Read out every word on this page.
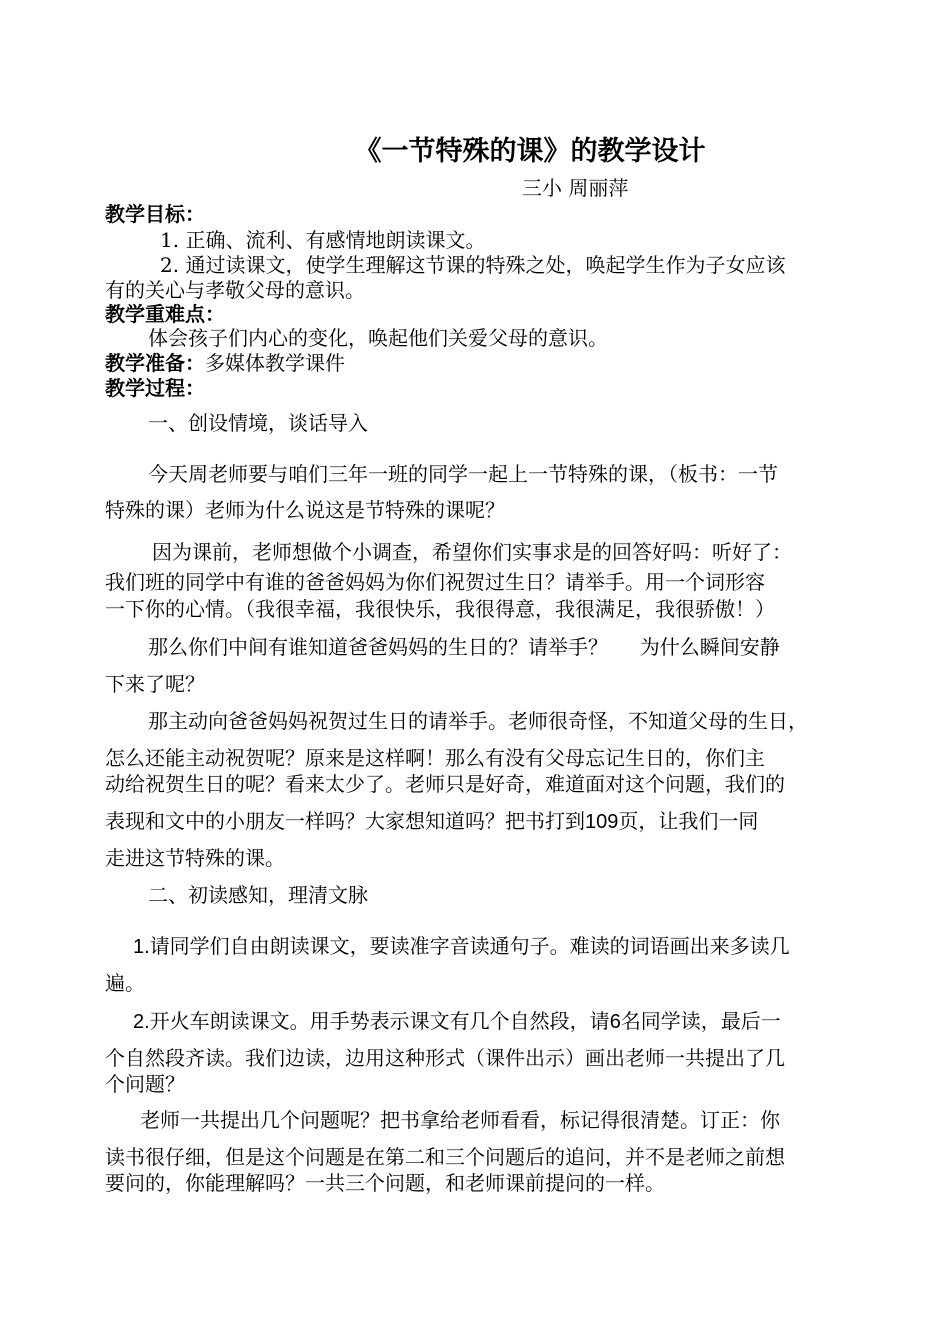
《一节特殊的课》的教学设计
三小 周丽萍
教学目标：
1. 正确、流利、有感情地朗读课文。
2. 通过读课文，使学生理解这节课的特殊之处，唤起学生作为子女应该
有的关心与孝敬父母的意识。
教学重难点：
体会孩子们内心的变化，唤起他们关爱父母的意识。
教学准备：多媒体教学课件
教学过程：
一、创设情境，谈话导入
今天周老师要与咱们三年一班的同学一起上一节特殊的课，（板书：一节
特殊的课）老师为什么说这是节特殊的课呢？
因为课前，老师想做个小调查，希望你们实事求是的回答好吗：听好了：
我们班的同学中有谁的爸爸妈妈为你们祝贺过生日？请举手。用一个词形容
一下你的心情。（我很幸福，我很快乐，我很得意，我很满足，我很骄傲！）
那么你们中间有谁知道爸爸妈妈的生日的？请举手？     为什么瞬间安静
下来了呢？
那主动向爸爸妈妈祝贺过生日的请举手。老师很奇怪，不知道父母的生日，
怎么还能主动祝贺呢？原来是这样啊！那么有没有父母忘记生日的，你们主
动给祝贺生日的呢？看来太少了。老师只是好奇，难道面对这个问题，我们的
表现和文中的小朋友一样吗？大家想知道吗？把书打到109页，让我们一同
走进这节特殊的课。
二、初读感知，理清文脉
1.请同学们自由朗读课文，要读准字音读通句子。难读的词语画出来多读几
遍。
2.开火车朗读课文。用手势表示课文有几个自然段，请6名同学读，最后一
个自然段齐读。我们边读，边用这种形式（课件出示）画出老师一共提出了几
个问题？
老师一共提出几个问题呢？把书拿给老师看看，标记得很清楚。订正：你
读书很仔细，但是这个问题是在第二和三个问题后的追问，并不是老师之前想
要问的，你能理解吗？一共三个问题，和老师课前提问的一样。
